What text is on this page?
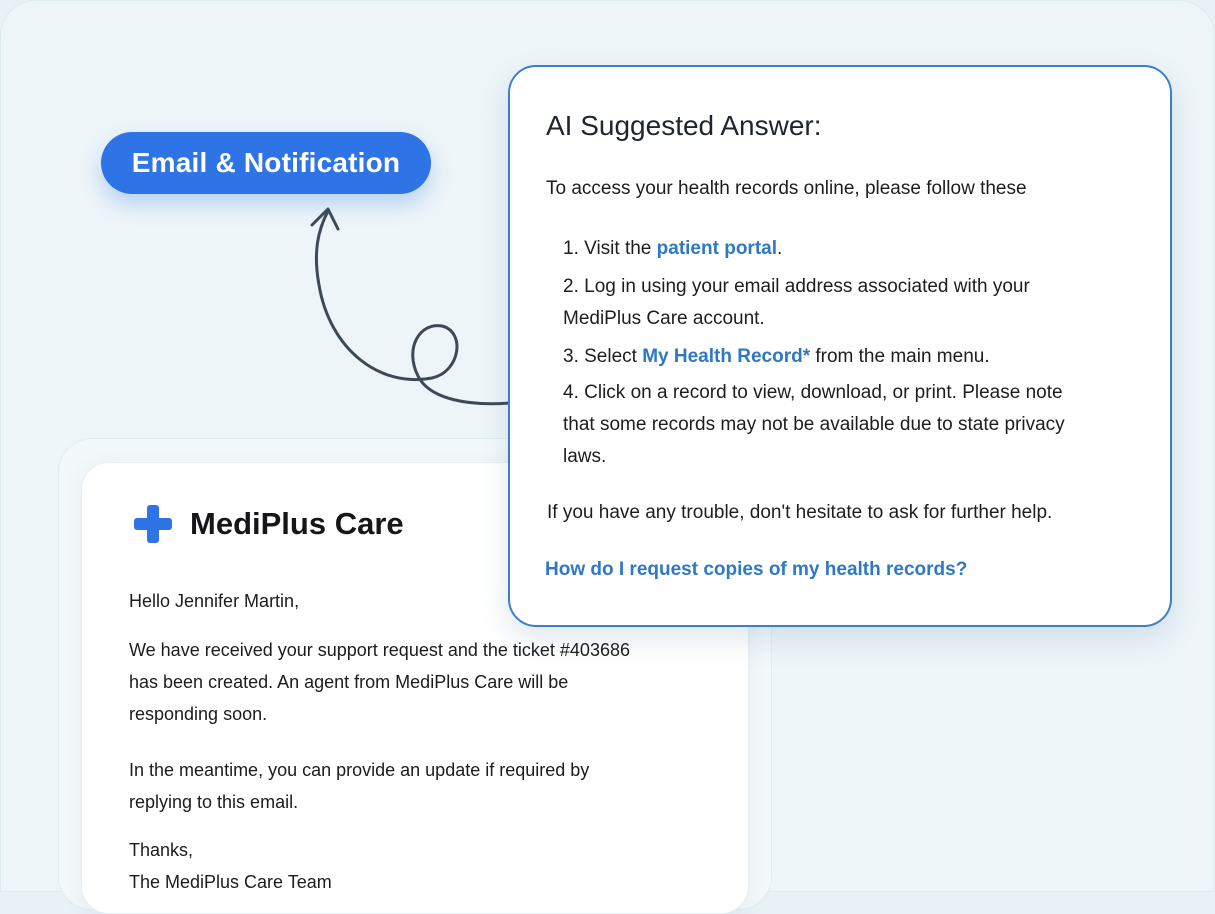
Email & Notification
MediPlus Care

Hello Jennifer Martin,

We have received your support request and the ticket #403686

has been created. An agent from MediPlus Care will be

responding soon.

In the meantime, you can provide an update if required by

replying to this email.

Thanks,

The MediPlus Care Team

AI Suggested Answer:

To access your health records online, please follow these

1. Visit the patient portal.

2. Log in using your email address associated with your

MediPlus Care account.

3. Select My Health Record* from the main menu.

4. Click on a record to view, download, or print. Please note

that some records may not be available due to state privacy

laws.

If you have any trouble, don't hesitate to ask for further help.

How do I request copies of my health records?
